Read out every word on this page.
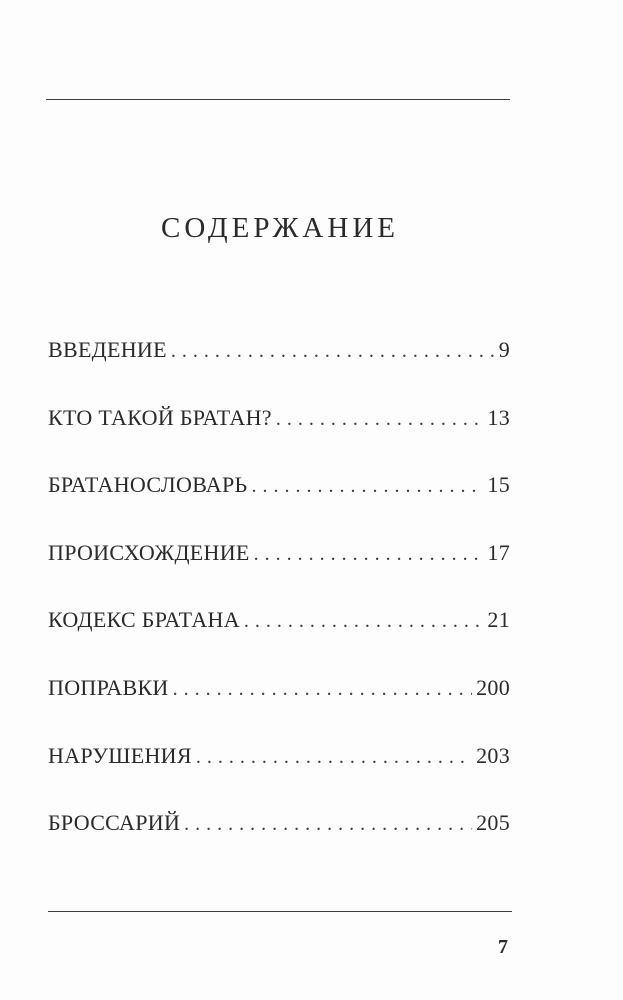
СОДЕРЖАНИЕ
ВВЕДЕНИЕ . . .	9
КТО ТАКОЙ БРАТАН? . . .	13
БРАТАНОСЛОВАРЬ . . .	15
ПРОИСХОЖДЕНИЕ . . .	17
КОДЕКС БРАТАНА . . .	21
ПОПРАВКИ . . .	200
НАРУШЕНИЯ . . .	203
БРОССАРИЙ . . .	205

7
